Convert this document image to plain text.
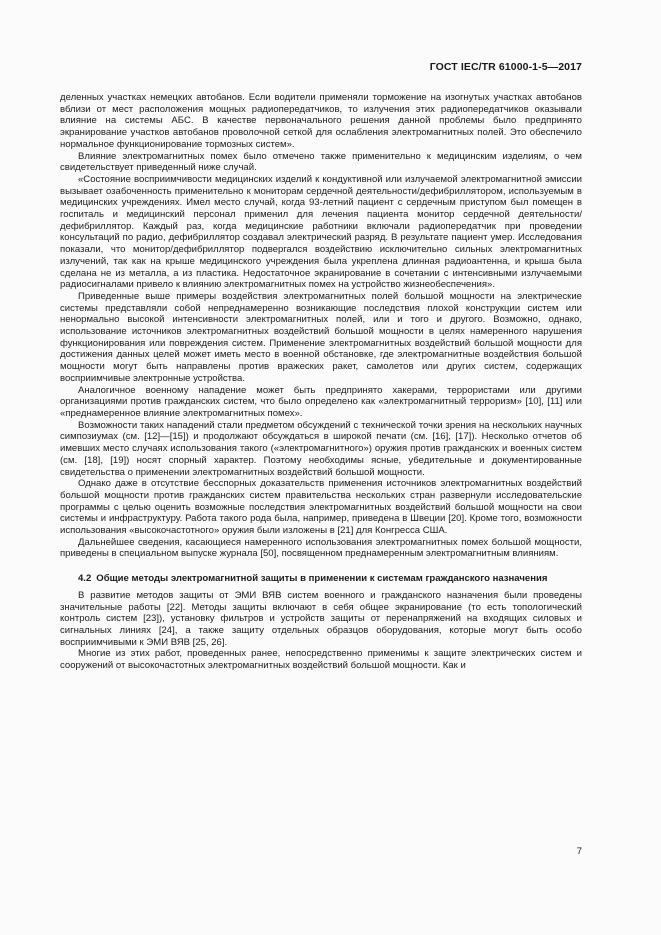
ГОСТ IEC/TR 61000-1-5—2017

деленных участках немецких автобанов. Если водители применяли торможение на изогнутых участках автобанов вблизи от мест расположения мощных радиопередатчиков, то излучения этих радиопередатчиков оказывали влияние на системы АБС. В качестве первоначального решения данной проблемы было предпринято экранирование участков автобанов проволочной сеткой для ослабления электромагнитных полей. Это обеспечило нормальное функционирование тормозных систем».

Влияние электромагнитных помех было отмечено также применительно к медицинским изделиям, о чем свидетельствует приведенный ниже случай.

«Состояние восприимчивости медицинских изделий к кондуктивной или излучаемой электромагнитной эмиссии вызывает озабоченность применительно к мониторам сердечной деятельности/дефибриллятором, используемым в медицинских учреждениях. Имел место случай, когда 93-летний пациент с сердечным приступом был помещен в госпиталь и медицинский персонал применил для лечения пациента монитор сердечной деятельности/дефибриллятор. Каждый раз, когда медицинские работники включали радиопередатчик при проведении консультаций по радио, дефибриллятор создавал электрический разряд. В результате пациент умер. Исследования показали, что монитор/дефибриллятор подвергался воздействию исключительно сильных электромагнитных излучений, так как на крыше медицинского учреждения была укреплена длинная радиоантенна, и крыша была сделана не из металла, а из пластика. Недостаточное экранирование в сочетании с интенсивными излучаемыми радиосигналами привело к влиянию электромагнитных помех на устройство жизнеобеспечения».

Приведенные выше примеры воздействия электромагнитных полей большой мощности на электрические системы представляли собой непреднамеренно возникающие последствия плохой конструкции систем или ненормально высокой интенсивности электромагнитных полей, или и того и другого. Возможно, однако, использование источников электромагнитных воздействий большой мощности в целях намеренного нарушения функционирования или повреждения систем. Применение электромагнитных воздействий большой мощности для достижения данных целей может иметь место в военной обстановке, где электромагнитные воздействия большой мощности могут быть направлены против вражеских ракет, самолетов или других систем, содержащих восприимчивые электронные устройства.

Аналогичное военному нападение может быть предпринято хакерами, террористами или другими организациями против гражданских систем, что было определено как «электромагнитный терроризм» [10], [11] или «преднамеренное влияние электромагнитных помех».

Возможности таких нападений стали предметом обсуждений с технической точки зрения на нескольких научных симпозиумах (см. [12]—[15]) и продолжают обсуждаться в широкой печати (см. [16], [17]). Несколько отчетов об имевших место случаях использования такого («электромагнитного») оружия против гражданских и военных систем (см. [18], [19]) носят спорный характер. Поэтому необходимы ясные, убедительные и документированные свидетельства о применении электромагнитных воздействий большой мощности.

Однако даже в отсутствие бесспорных доказательств применения источников электромагнитных воздействий большой мощности против гражданских систем правительства нескольких стран развернули исследовательские программы с целью оценить возможные последствия электромагнитных воздействий большой мощности на свои системы и инфраструктуру. Работа такого рода была, например, приведена в Швеции [20]. Кроме того, возможности использования «высокочастотного» оружия были изложены в [21] для Конгресса США.

Дальнейшее сведения, касающиеся намеренного использования электромагнитных помех большой мощности, приведены в специальном выпуске журнала [50], посвященном преднамеренным электромагнитным влияниям.

4.2 Общие методы электромагнитной защиты в применении к системам гражданского назначения

В развитие методов защиты от ЭМИ ВЯВ систем военного и гражданского назначения были проведены значительные работы [22]. Методы защиты включают в себя общее экранирование (то есть топологический контроль систем [23]), установку фильтров и устройств защиты от перенапряжений на входящих силовых и сигнальных линиях [24], а также защиту отдельных образцов оборудования, которые могут быть особо восприимчивыми к ЭМИ ВЯВ [25, 26].

Многие из этих работ, проведенных ранее, непосредственно применимы к защите электрических систем и сооружений от высокочастотных электромагнитных воздействий большой мощности. Как и

7
